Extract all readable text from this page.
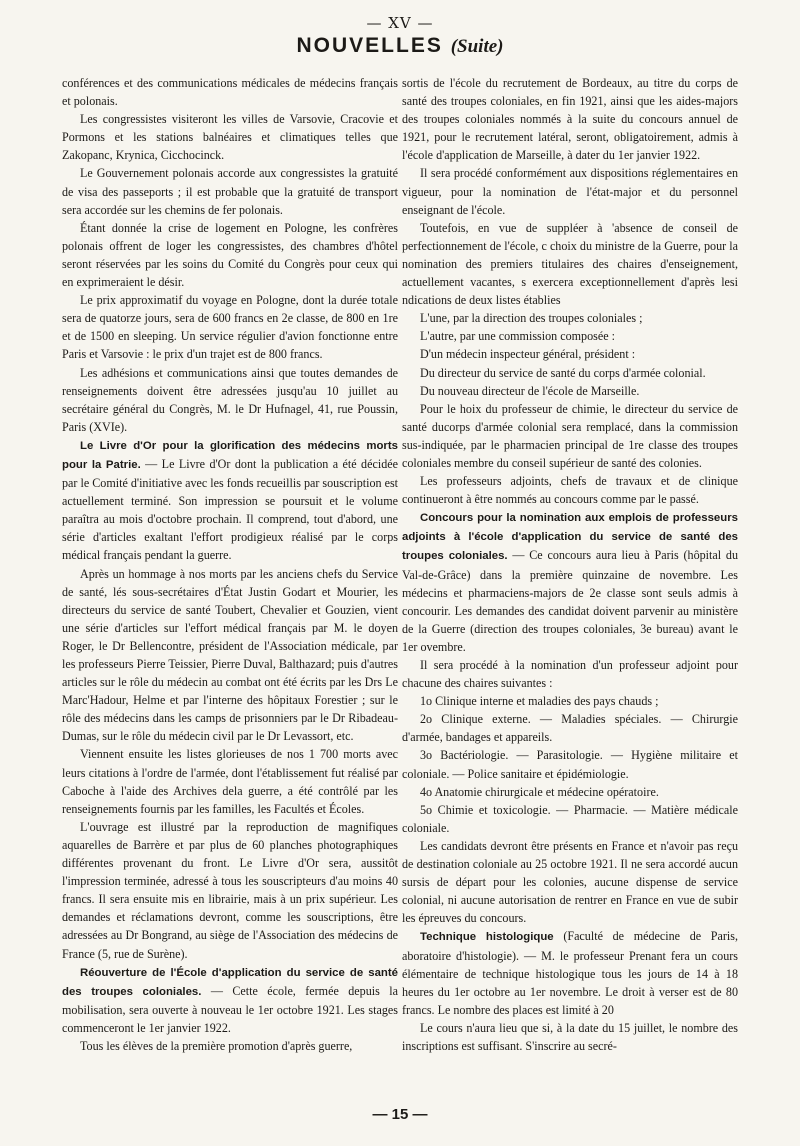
— XV —
NOUVELLES (Suite)

conférences et des communications médicales de médecins français et polonais.

Les congressistes visiteront les villes de Varsovie, Cracovie et Pormons et les stations balnéaires et climatiques telles que Zakopanc, Krynica, Cicchocinck.

Le Gouvernement polonais accorde aux congressistes la gratuité de visa des passeports ; il est probable que la gratuité de transport sera accordée sur les chemins de fer polonais.

Étant donnée la crise de logement en Pologne, les confrères polonais offrent de loger les congressistes, des chambres d'hôtel seront réservées par les soins du Comité du Congrès pour ceux qui en exprimeraient le désir.

Le prix approximatif du voyage en Pologne, dont la durée totale sera de quatorze jours, sera de 600 francs en 2e classe, de 800 en 1re et de 1500 en sleeping. Un service régulier d'avion fonctionne entre Paris et Varsovie : le prix d'un trajet est de 800 francs.

Les adhésions et communications ainsi que toutes demandes de renseignements doivent être adressées jusqu'au 10 juillet au secrétaire général du Congrès, M. le Dr Hufnagel, 41, rue Poussin, Paris (XVIe).

Le Livre d'Or pour la glorification des médecins morts pour la Patrie. — Le Livre d'Or dont la publication a été décidée par le Comité d'initiative avec les fonds recueillis par souscription est actuellement terminé. Son impression se poursuit et le volume paraîtra au mois d'octobre prochain. Il comprend, tout d'abord, une série d'articles exaltant l'effort prodigieux réalisé par le corps médical français pendant la guerre.

Après un hommage à nos morts par les anciens chefs du Service de santé, lés sous-secrétaires d'État Justin Godart et Mourier, les directeurs du service de santé Toubert, Chevalier et Gouzien, vient une série d'articles sur l'effort médical français par M. le doyen Roger, le Dr Bellencontre, président de l'Association médicale, par les professeurs Pierre Teissier, Pierre Duval, Balthazard; puis d'autres articles sur le rôle du médecin au combat ont été écrits par les Drs Le Marc'Hadour, Helme et par l'interne des hôpitaux Forestier ; sur le rôle des médecins dans les camps de prisonniers par le Dr Ribadeau-Dumas, sur le rôle du médecin civil par le Dr Levassort, etc.

Viennent ensuite les listes glorieuses de nos 1 700 morts avec leurs citations à l'ordre de l'armée, dont l'établissement fut réalisé par Caboche à l'aide des Archives dela guerre, a été contrôlé par les renseignements fournis par les familles, les Facultés et Écoles.

L'ouvrage est illustré par la reproduction de magnifiques aquarelles de Barrère et par plus de 60 planches photographiques différentes provenant du front. Le Livre d'Or sera, aussitôt l'impression terminée, adressé à tous les souscripteurs d'au moins 40 francs. Il sera ensuite mis en librairie, mais à un prix supérieur. Les demandes et réclamations devront, comme les souscriptions, être adressées au Dr Bongrand, au siège de l'Association des médecins de France (5, rue de Surène).

Réouverture de l'École d'application du service de santé des troupes coloniales. — Cette école, fermée depuis la mobilisation, sera ouverte à nouveau le 1er octobre 1921. Les stages commenceront le 1er janvier 1922.

Tous les élèves de la première promotion d'après guerre,

sortis de l'école du recrutement de Bordeaux, au titre du corps de santé des troupes coloniales, en fin 1921, ainsi que les aides-majors des troupes coloniales nommés à la suite du concours annuel de 1921, pour le recrutement latéral, seront, obligatoirement, admis à l'école d'application de Marseille, à dater du 1er janvier 1922.

Il sera procédé conformément aux dispositions réglementaires en vigueur, pour la nomination de l'état-major et du personnel enseignant de l'école.

Toutefois, en vue de suppléer à 'absence de conseil de perfectionnement de l'école, c choix du ministre de la Guerre, pour la nomination des premiers titulaires des chaires d'enseignement, actuellement vacantes, s exercera exceptionnellement d'après lesi ndications de deux listes établies

L'une, par la direction des troupes coloniales ;

L'autre, par une commission composée :

D'un médecin inspecteur général, président :

Du directeur du service de santé du corps d'armée colonial.

Du nouveau directeur de l'école de Marseille.

Pour le hoix du professeur de chimie, le directeur du service de santé ducorps d'armée colonial sera remplacé, dans la commission sus-indiquée, par le pharmacien principal de 1re classe des troupes coloniales membre du conseil supérieur de santé des colonies.

Les professeurs adjoints, chefs de travaux et de clinique continueront à être nommés au concours comme par le passé.

Concours pour la nomination aux emplois de professeurs adjoints à l'école d'application du service de santé des troupes coloniales. — Ce concours aura lieu à Paris (hôpital du Val-de-Grâce) dans la première quinzaine de novembre. Les médecins et pharmaciens-majors de 2e classe sont seuls admis à concourir. Les demandes des candidat doivent parvenir au ministère de la Guerre (direction des troupes coloniales, 3e bureau) avant le 1er ovembre.

Il sera procédé à la nomination d'un professeur adjoint pour chacune des chaires suivantes :

1o Clinique interne et maladies des pays chauds ;

2o Clinique externe. — Maladies spéciales. — Chirurgie d'armée, bandages et appareils.

3o Bactériologie. — Parasitologie. — Hygiène militaire et coloniale. — Police sanitaire et épidémiologie.

4o Anatomie chirurgicale et médecine opératoire.

5o Chimie et toxicologie. — Pharmacie. — Matière médicale coloniale.

Les candidats devront être présents en France et n'avoir pas reçu de destination coloniale au 25 octobre 1921. Il ne sera accordé aucun sursis de départ pour les colonies, aucune dispense de service colonial, ni aucune autorisation de rentrer en France en vue de subir les épreuves du concours.

Technique histologique (Faculté de médecine de Paris, aboratoire d'histologie). — M. le professeur Prenant fera un cours élémentaire de technique histologique tous les jours de 14 à 18 heures du 1er octobre au 1er novembre. Le droit à verser est de 80 francs. Le nombre des places est limité à 20

Le cours n'aura lieu que si, à la date du 15 juillet, le nombre des inscriptions est suffisant. S'inscrire au secré-

— 15 —
